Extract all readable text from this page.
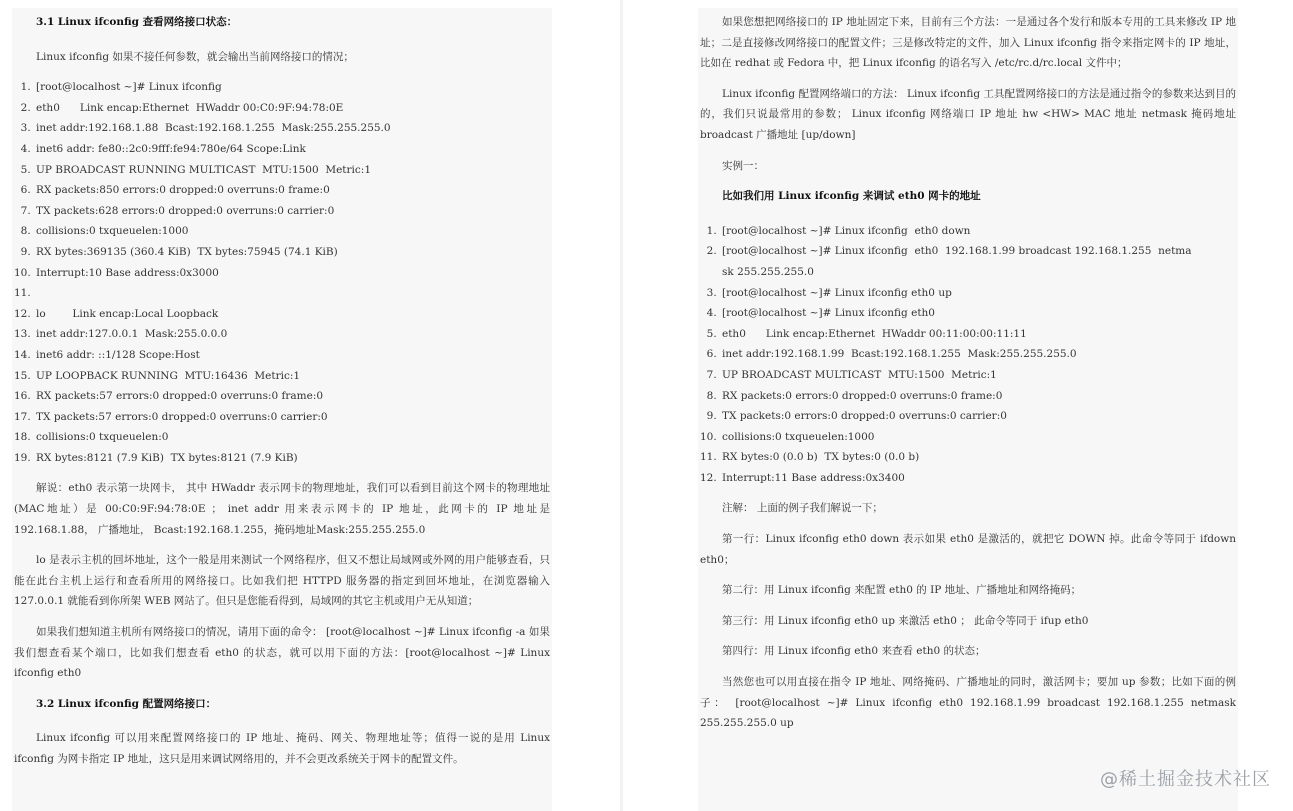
3.1 Linux ifconfig 查看网络接口状态：

Linux ifconfig 如果不接任何参数，就会输出当前网络接口的情况；

1. [root@localhost ~]# Linux ifconfig
2. eth0      Link encap:Ethernet  HWaddr 00:C0:9F:94:78:0E
3. inet addr:192.168.1.88  Bcast:192.168.1.255  Mask:255.255.255.0
4. inet6 addr: fe80::2c0:9fff:fe94:780e/64 Scope:Link
5. UP BROADCAST RUNNING MULTICAST  MTU:1500  Metric:1
6. RX packets:850 errors:0 dropped:0 overruns:0 frame:0
7. TX packets:628 errors:0 dropped:0 overruns:0 carrier:0
8. collisions:0 txqueuelen:1000
9. RX bytes:369135 (360.4 KiB)  TX bytes:75945 (74.1 KiB)
10. Interrupt:10 Base address:0x3000
11.
12. lo        Link encap:Local Loopback
13. inet addr:127.0.0.1  Mask:255.0.0.0
14. inet6 addr: ::1/128 Scope:Host
15. UP LOOPBACK RUNNING  MTU:16436  Metric:1
16. RX packets:57 errors:0 dropped:0 overruns:0 frame:0
17. TX packets:57 errors:0 dropped:0 overruns:0 carrier:0
18. collisions:0 txqueuelen:0
19. RX bytes:8121 (7.9 KiB)  TX bytes:8121 (7.9 KiB)

解说：eth0 表示第一块网卡， 其中 HWaddr 表示网卡的物理地址，我们可以看到目前这个网卡的物理地址(MAC地址）是 00:C0:9F:94:78:0E ； inet addr 用来表示网卡的 IP 地址，此网卡的 IP 地址是 192.168.1.88， 广播地址， Bcast:192.168.1.255，掩码地址Mask:255.255.255.0

lo 是表示主机的回坏地址，这个一般是用来测试一个网络程序，但又不想让局域网或外网的用户能够查看，只能在此台主机上运行和查看所用的网络接口。比如我们把 HTTPD 服务器的指定到回坏地址，在浏览器输入 127.0.0.1 就能看到你所架 WEB 网站了。但只是您能看得到，局域网的其它主机或用户无从知道；

如果我们想知道主机所有网络接口的情况，请用下面的命令： [root@localhost ~]# Linux ifconfig -a 如果我们想查看某个端口，比如我们想查看 eth0 的状态，就可以用下面的方法：[root@localhost ~]# Linux ifconfig eth0

3.2 Linux ifconfig 配置网络接口：

Linux ifconfig 可以用来配置网络接口的 IP 地址、掩码、网关、物理地址等；值得一说的是用 Linux ifconfig 为网卡指定 IP 地址，这只是用来调试网络用的，并不会更改系统关于网卡的配置文件。

如果您想把网络接口的 IP 地址固定下来，目前有三个方法：一是通过各个发行和版本专用的工具来修改 IP 地址；二是直接修改网络接口的配置文件；三是修改特定的文件，加入 Linux ifconfig 指令来指定网卡的 IP 地址，比如在 redhat 或 Fedora 中，把 Linux ifconfig 的语名写入 /etc/rc.d/rc.local 文件中；

Linux ifconfig 配置网络端口的方法： Linux ifconfig 工具配置网络接口的方法是通过指令的参数来达到目的的，我们只说最常用的参数； Linux ifconfig 网络端口 IP 地址 hw <HW> MAC 地址 netmask 掩码地址 broadcast 广播地址 [up/down]

实例一：

比如我们用 Linux ifconfig 来调试 eth0 网卡的地址

1. [root@localhost ~]# Linux ifconfig  eth0 down
2. [root@localhost ~]# Linux ifconfig  eth0  192.168.1.99 broadcast 192.168.1.255  netma
sk 255.255.255.0
3. [root@localhost ~]# Linux ifconfig eth0 up
4. [root@localhost ~]# Linux ifconfig eth0
5. eth0      Link encap:Ethernet  HWaddr 00:11:00:00:11:11
6. inet addr:192.168.1.99  Bcast:192.168.1.255  Mask:255.255.255.0
7. UP BROADCAST MULTICAST  MTU:1500  Metric:1
8. RX packets:0 errors:0 dropped:0 overruns:0 frame:0
9. TX packets:0 errors:0 dropped:0 overruns:0 carrier:0
10. collisions:0 txqueuelen:1000
11. RX bytes:0 (0.0 b)  TX bytes:0 (0.0 b)
12. Interrupt:11 Base address:0x3400

注解： 上面的例子我们解说一下；

第一行：Linux ifconfig eth0 down 表示如果 eth0 是激活的，就把它 DOWN 掉。此命令等同于 ifdown eth0；

第二行：用 Linux ifconfig 来配置 eth0 的 IP 地址、广播地址和网络掩码；

第三行：用 Linux ifconfig eth0 up 来激活 eth0 ； 此命令等同于 ifup eth0

第四行：用 Linux ifconfig eth0 来查看 eth0 的状态；

当然您也可以用直接在指令 IP 地址、网络掩码、广播地址的同时，激活网卡；要加 up 参数；比如下面的例子： [root@localhost ~]# Linux ifconfig eth0 192.168.1.99 broadcast 192.168.1.255 netmask 255.255.255.0 up

@稀土掘金技术社区
